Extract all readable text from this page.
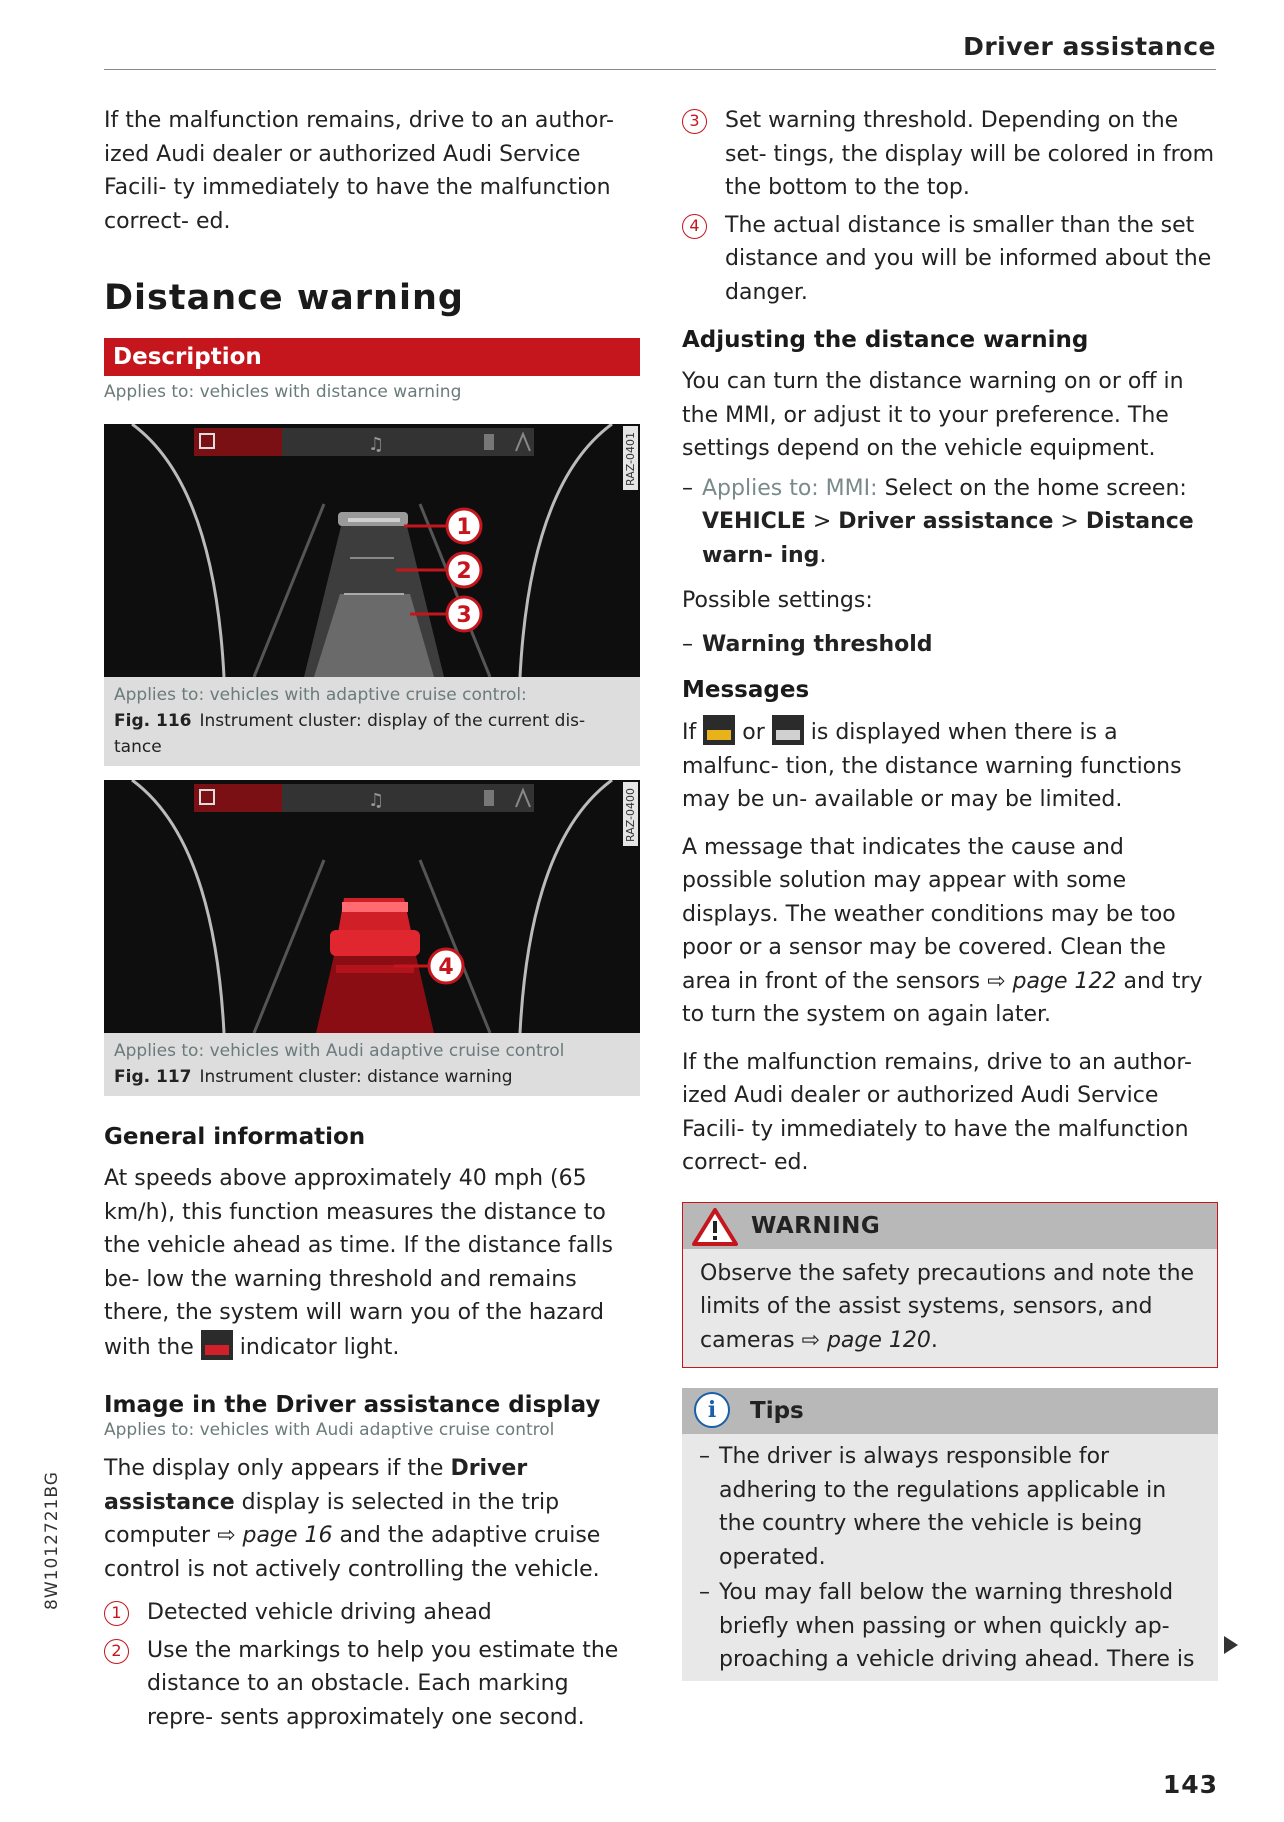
Driver assistance

If the malfunction remains, drive to an author- ized Audi dealer or authorized Audi Service Facili- ty immediately to have the malfunction correct- ed.

Distance warning
Description
Applies to: vehicles with distance warning
♫
1
2
3
RAZ-0401
Applies to: vehicles with adaptive cruise control:
Fig. 116 Instrument cluster: display of the current dis- tance
♫
4
RAZ-0400
Applies to: vehicles with Audi adaptive cruise control
Fig. 117 Instrument cluster: distance warning
General information

At speeds above approximately 40 mph (65 km/h), this function measures the distance to the vehicle ahead as time. If the distance falls be- low the warning threshold and remains there, the system will warn you of the hazard with the indicator light.

Image in the Driver assistance display
Applies to: vehicles with Audi adaptive cruise control

The display only appears if the Driver assistance display is selected in the trip computer ⇨ page 16 and the adaptive cruise control is not actively controlling the vehicle.

1	Detected vehicle driving ahead
2	Use the markings to help you estimate the distance to an obstacle. Each marking repre- sents approximately one second.
3	Set warning threshold. Depending on the set- tings, the display will be colored in from the bottom to the top.
4	The actual distance is smaller than the set distance and you will be informed about the danger.
Adjusting the distance warning

You can turn the distance warning on or off in the MMI, or adjust it to your preference. The settings depend on the vehicle equipment.

– Applies to: MMI: Select on the home screen: VEHICLE > Driver assistance > Distance warn- ing.

Possible settings:

– Warning threshold
Messages

If or is displayed when there is a malfunc- tion, the distance warning functions may be un- available or may be limited.

A message that indicates the cause and possible solution may appear with some displays. The weather conditions may be too poor or a sensor may be covered. Clean the area in front of the sensors ⇨ page 122 and try to turn the system on again later.

If the malfunction remains, drive to an author- ized Audi dealer or authorized Audi Service Facili- ty immediately to have the malfunction correct- ed.

WARNING
Observe the safety precautions and note the limits of the assist systems, sensors, and cameras ⇨ page 120.
i	Tips
– The driver is always responsible for adhering to the regulations applicable in the country where the vehicle is being operated.
– You may fall below the warning threshold briefly when passing or when quickly ap- proaching a vehicle driving ahead. There is
8W1012721BG
143
